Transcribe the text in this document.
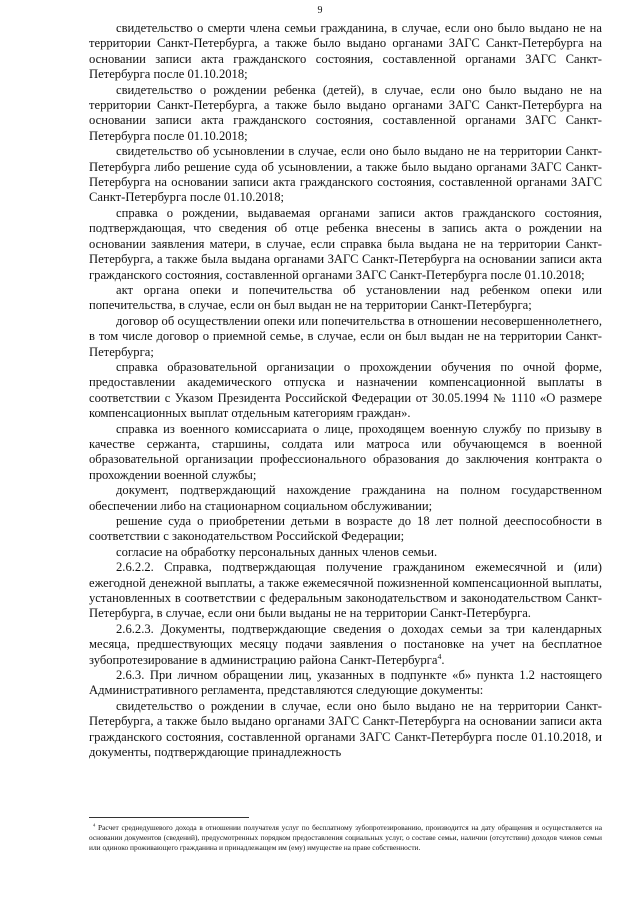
9

свидетельство о смерти члена семьи гражданина, в случае, если оно было выдано не на территории Санкт-Петербурга, а также было выдано органами ЗАГС Санкт-Петербурга на основании записи акта гражданского состояния, составленной органами ЗАГС Санкт-Петербурга после 01.10.2018;

свидетельство о рождении ребенка (детей), в случае, если оно было выдано не на территории Санкт-Петербурга, а также было выдано органами ЗАГС Санкт-Петербурга на основании записи акта гражданского состояния, составленной органами ЗАГС Санкт-Петербурга после 01.10.2018;

свидетельство об усыновлении в случае, если оно было выдано не на территории Санкт-Петербурга либо решение суда об усыновлении, а также было выдано органами ЗАГС Санкт-Петербурга на основании записи акта гражданского состояния, составленной органами ЗАГС Санкт-Петербурга после 01.10.2018;

справка о рождении, выдаваемая органами записи актов гражданского состояния, подтверждающая, что сведения об отце ребенка внесены в запись акта о рождении на основании заявления матери, в случае, если справка была выдана не на территории Санкт-Петербурга, а также была выдана органами ЗАГС Санкт-Петербурга на основании записи акта гражданского состояния, составленной органами ЗАГС Санкт-Петербурга после 01.10.2018;

акт органа опеки и попечительства об установлении над ребенком опеки или попечительства, в случае, если он был выдан не на территории Санкт-Петербурга;

договор об осуществлении опеки или попечительства в отношении несовершеннолетнего, в том числе договор о приемной семье, в случае, если он был выдан не на территории Санкт-Петербурга;

справка образовательной организации о прохождении обучения по очной форме, предоставлении академического отпуска и назначении компенсационной выплаты в соответствии с Указом Президента Российской Федерации от 30.05.1994 № 1110 «О размере компенсационных выплат отдельным категориям граждан».

справка из военного комиссариата о лице, проходящем военную службу по призыву в качестве сержанта, старшины, солдата или матроса или обучающемся в военной образовательной организации профессионального образования до заключения контракта о прохождении военной службы;

документ, подтверждающий нахождение гражданина на полном государственном обеспечении либо на стационарном социальном обслуживании;

решение суда о приобретении детьми в возрасте до 18 лет полной дееспособности в соответствии с законодательством Российской Федерации;

согласие на обработку персональных данных членов семьи.

2.6.2.2. Справка, подтверждающая получение гражданином ежемесячной и (или) ежегодной денежной выплаты, а также ежемесячной пожизненной компенсационной выплаты, установленных в соответствии с федеральным законодательством и законодательством Санкт-Петербурга, в случае, если они были выданы не на территории Санкт-Петербурга.

2.6.2.3. Документы, подтверждающие сведения о доходах семьи за три календарных месяца, предшествующих месяцу подачи заявления о постановке на учет на бесплатное зубопротезирование в администрацию района Санкт-Петербурга$^4$.

2.6.3. При личном обращении лиц, указанных в подпункте «б» пункта 1.2 настоящего Административного регламента, представляются следующие документы:

свидетельство о рождении в случае, если оно было выдано не на территории Санкт-Петербурга, а также было выдано органами ЗАГС Санкт-Петербурга на основании записи акта гражданского состояния, составленной органами ЗАГС Санкт-Петербурга после 01.10.2018, и документы, подтверждающие принадлежность

$^4$ Расчет среднедушевого дохода в отношении получателя услуг по бесплатному зубопротезированию, производится на дату обращения и осуществляется на основании документов (сведений), предусмотренных порядком предоставления социальных услуг, о составе семьи, наличии (отсутствии) доходов членов семьи или одиноко проживающего гражданина и принадлежащем им (ему) имуществе на праве собственности.
